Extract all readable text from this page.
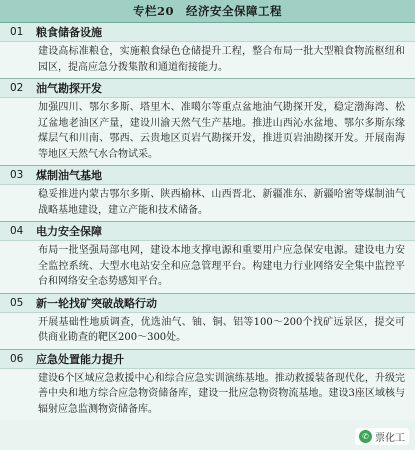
专栏20 经济安全保障工程
01	粮食储备设施
建设高标准粮仓，实施粮食绿色仓储提升工程，整合布局一批大型粮食物流枢纽和园区，提高应急分拨集散和通道衔接能力。
02	油气勘探开发
加强四川、鄂尔多斯、塔里木、准噶尔等重点盆地油气勘探开发，稳定渤海湾、松辽盆地老油区产量，建设川渝天然气生产基地。推进山西沁水盆地、鄂尔多斯东缘煤层气和川南、鄂西、云贵地区页岩气勘探开发，推进页岩油勘探开发。开展南海等地区天然气水合物试采。
03	煤制油气基地
稳妥推进内蒙古鄂尔多斯、陕西榆林、山西晋北、新疆准东、新疆哈密等煤制油气战略基地建设，建立产能和技术储备。
04	电力安全保障
布局一批坚强局部电网，建设本地支撑电源和重要用户应急保安电源。建设电力安全监控系统、大型水电站安全和应急管理平台。构建电力行业网络安全集中监控平台和网络安全态势感知平台。
05	新一轮找矿突破战略行动
开展基础性地质调查，优选油气、铀、铜、铝等100～200个找矿远景区，提交可供商业勘查的靶区200～300处。
06	应急处置能力提升
建设6个区域应急救援中心和综合应急实训演练基地。推动救援装备现代化，升级完善中央和地方综合应急物资储备库，建设一批应急物资物流基地。建设3座区域核与辐射应急监测物资储备库。
✆ 票化工
